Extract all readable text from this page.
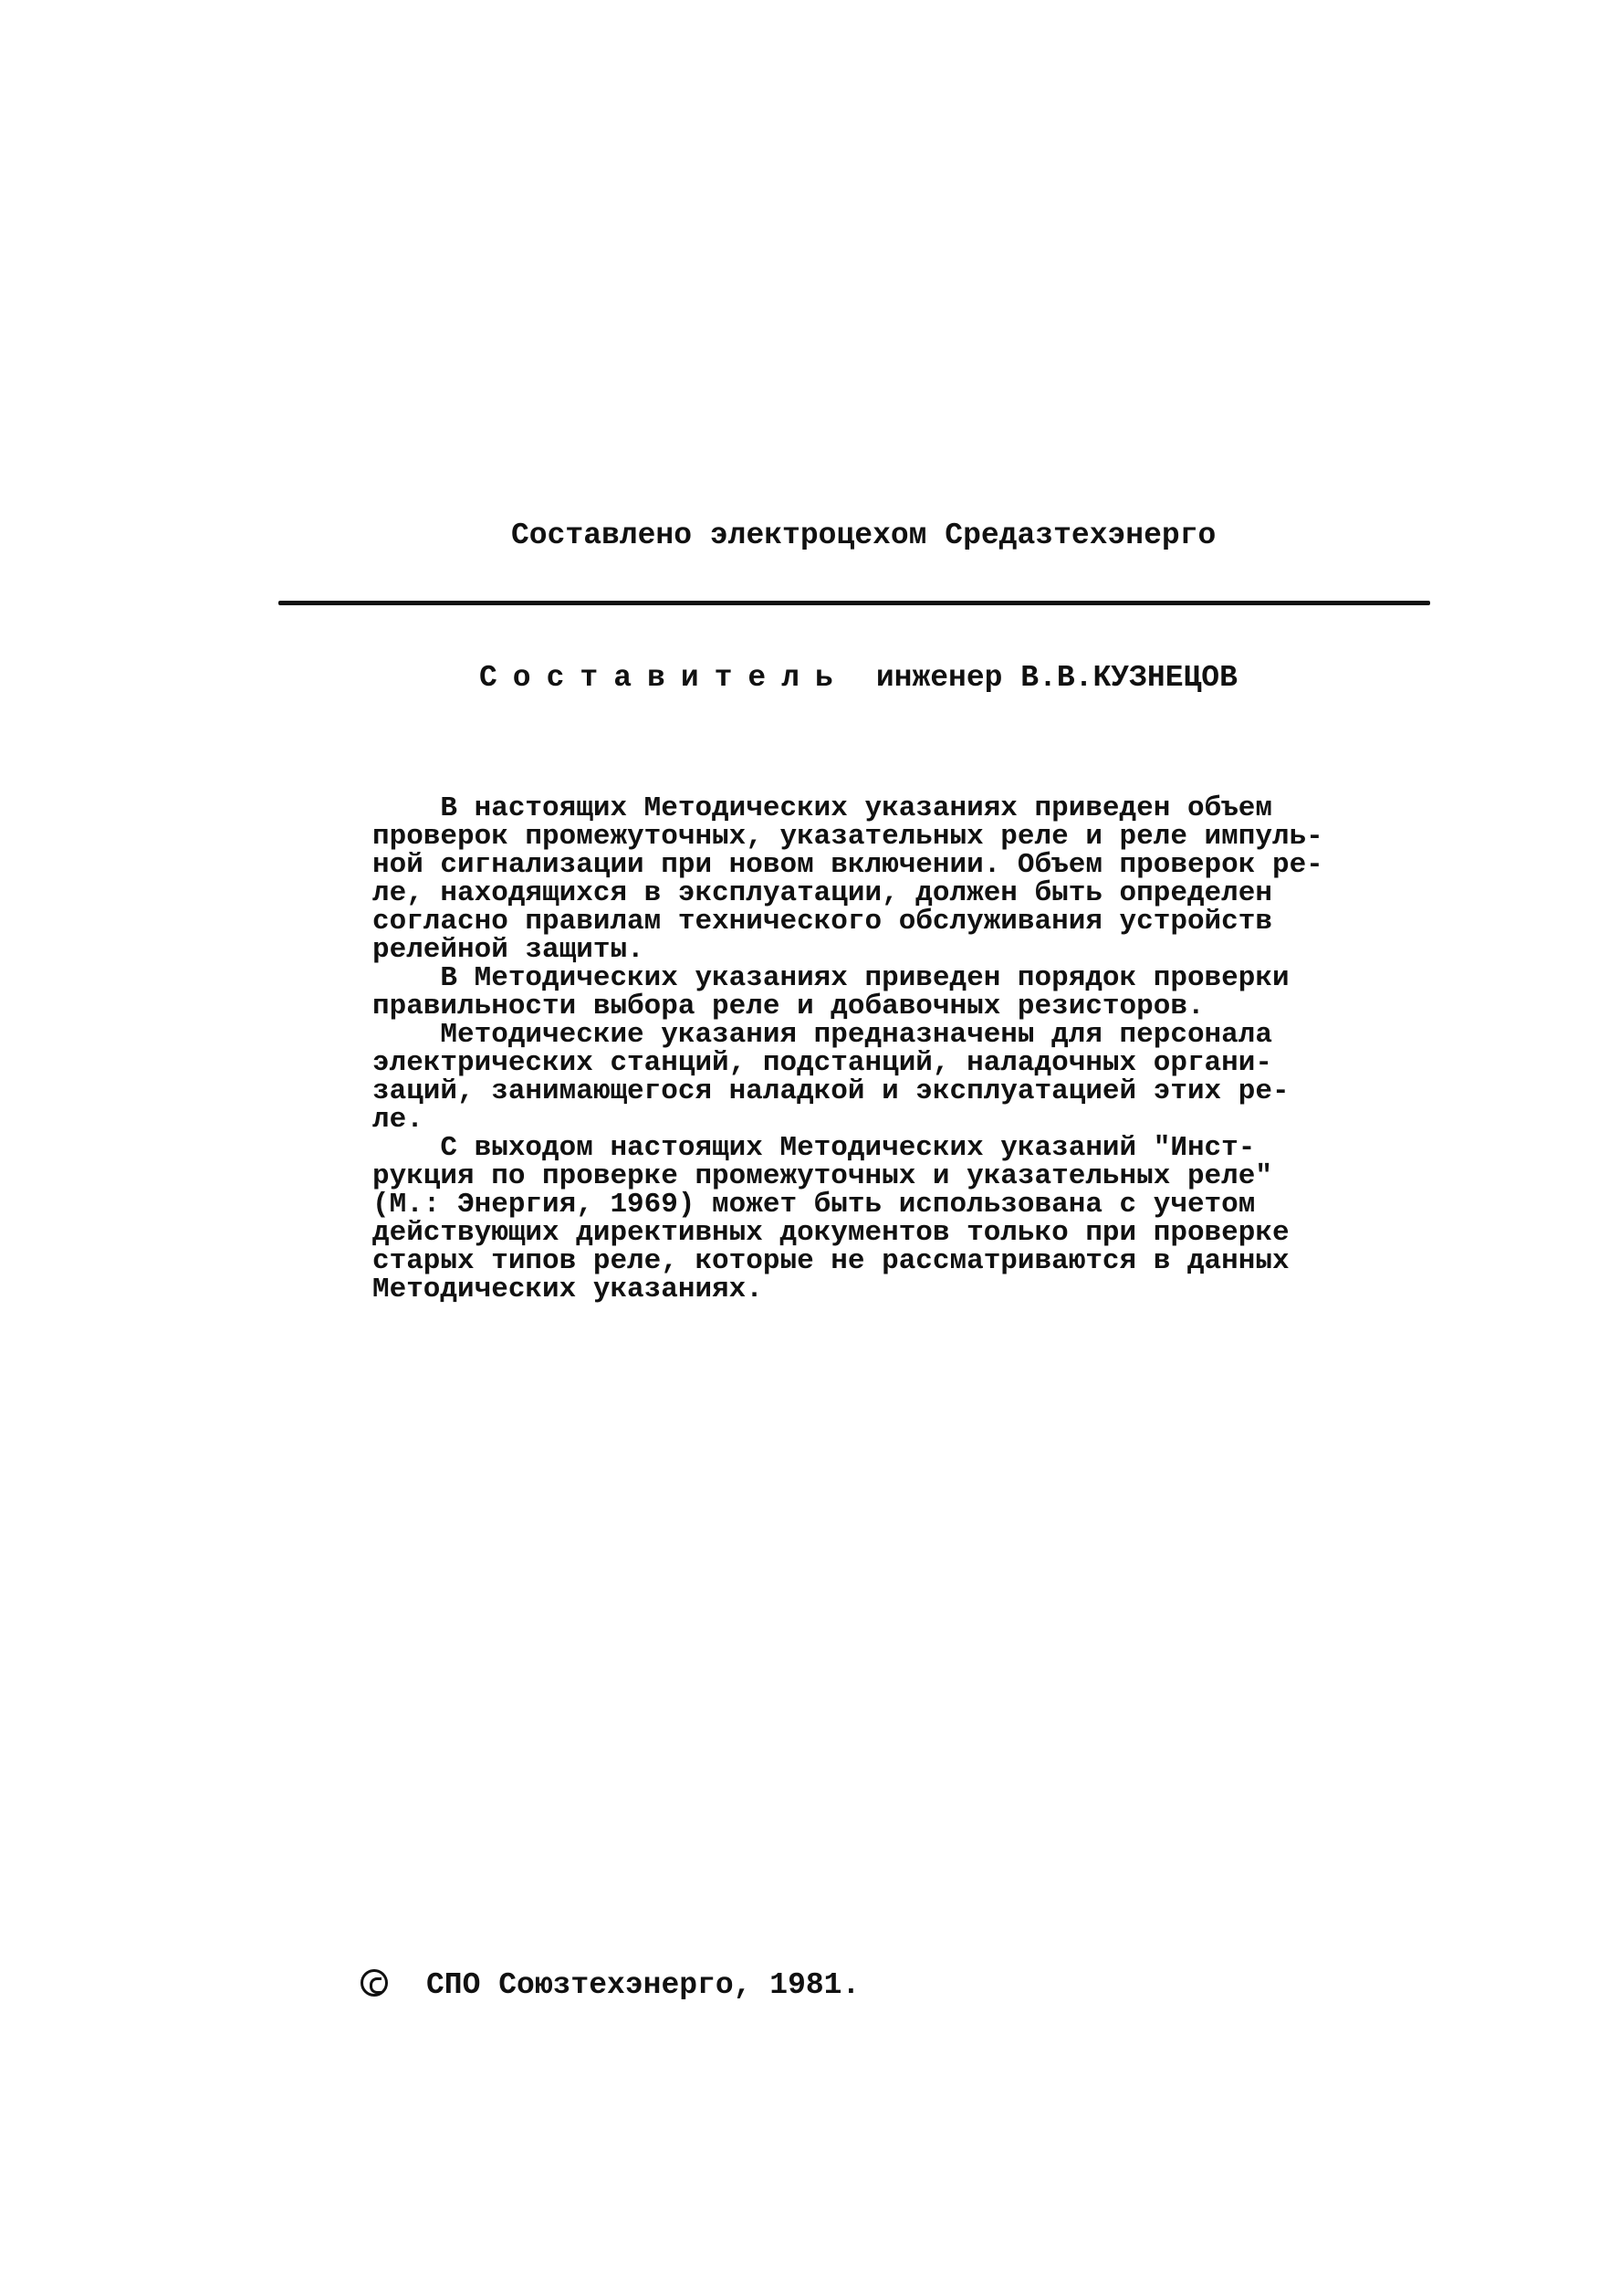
Составлено электроцехом Средазтехэнерго
Составитель инженер В.В.КУЗНЕЦОВ
В настоящих Методических указаниях приведен объем
проверок промежуточных, указательных реле и реле импуль-
ной сигнализации при новом включении. Объем проверок ре-
ле, находящихся в эксплуатации, должен быть определен
согласно правилам технического обслуживания устройств
релейной защиты.
В Методических указаниях приведен порядок проверки
правильности выбора реле и добавочных резисторов.
Методические указания предназначены для персонала
электрических станций, подстанций, наладочных органи-
заций, занимающегося наладкой и эксплуатацией этих ре-
ле.
С выходом настоящих Методических указаний "Инст-
рукция по проверке промежуточных и указательных реле"
(М.: Энергия, 1969) может быть использована с учетом
действующих директивных документов только при проверке
старых типов реле, которые не рассматриваются в данных
Методических указаниях.
СПО Союзтехэнерго, 1981.
